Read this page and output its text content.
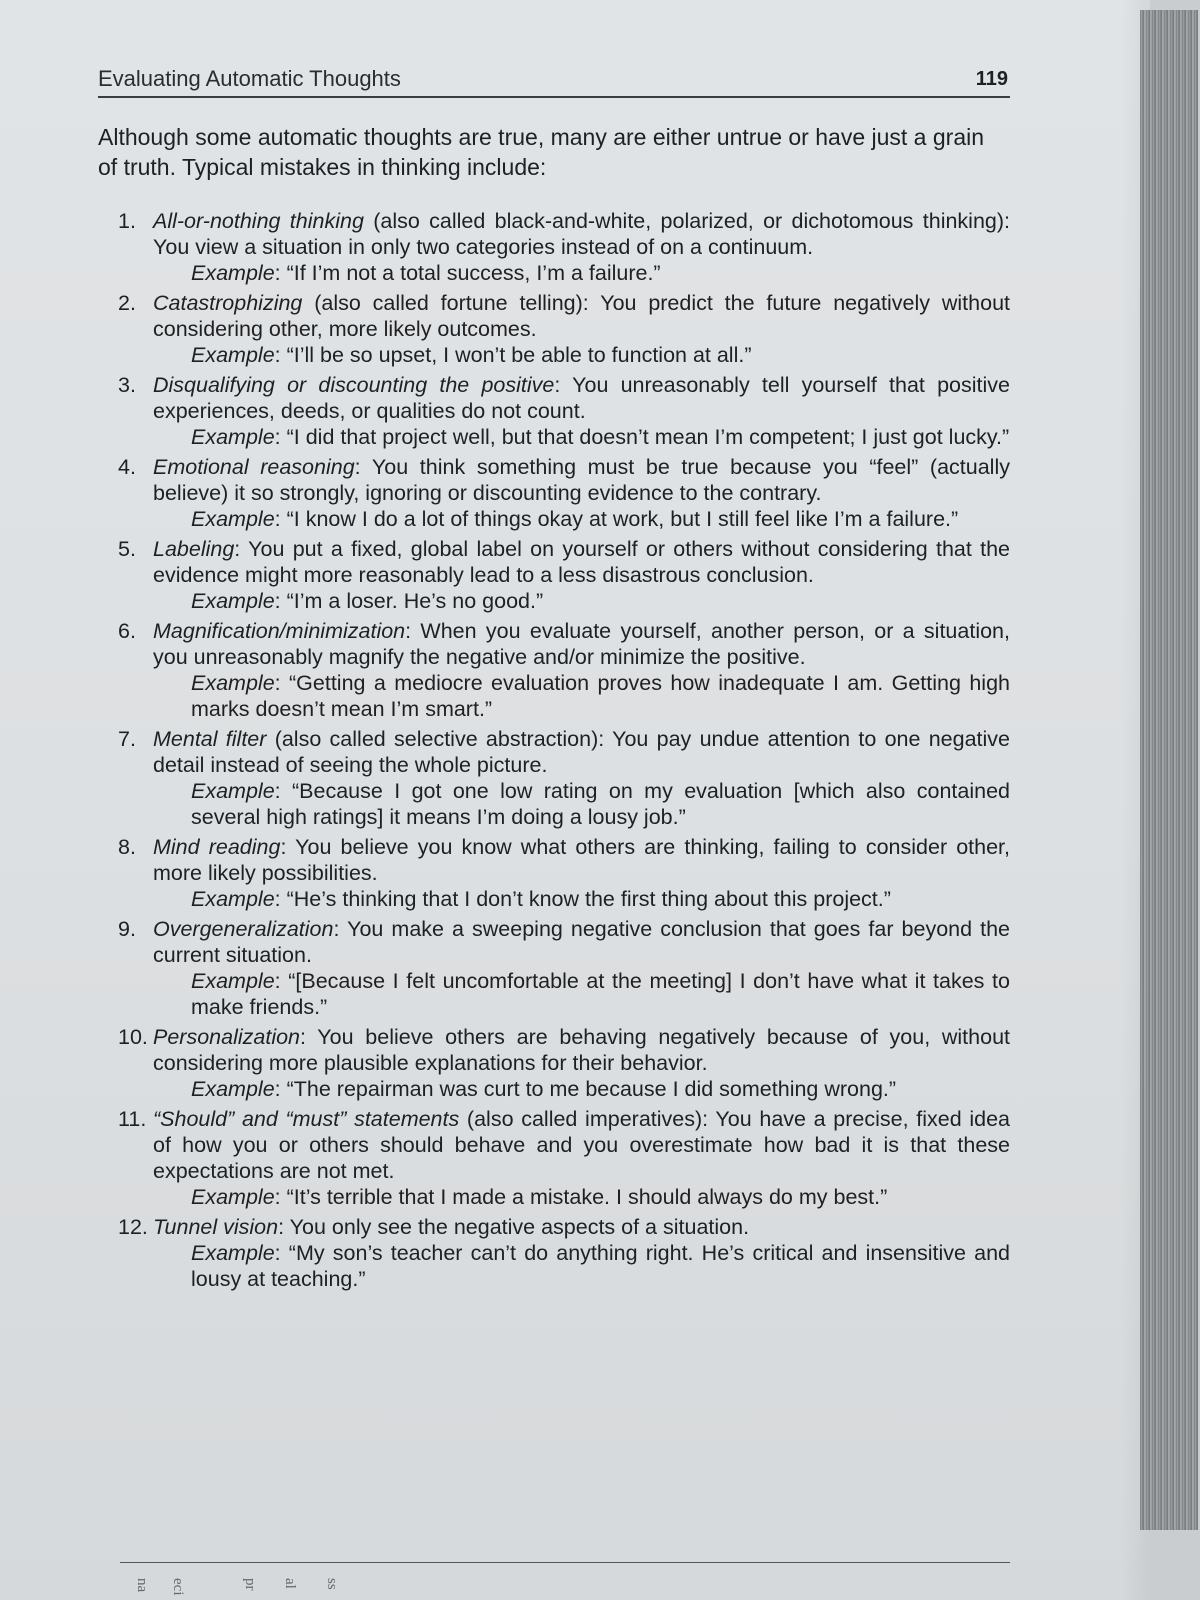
Evaluating Automatic Thoughts	119

Although some automatic thoughts are true, many are either untrue or have just a grain of truth. Typical mistakes in thinking include:

1. All-or-nothing thinking (also called black-and-white, polarized, or dichotomous thinking): You view a situation in only two categories instead of on a continuum.
Example: “If I’m not a total success, I’m a failure.”
2. Catastrophizing (also called fortune telling): You predict the future negatively without considering other, more likely outcomes.
Example: “I’ll be so upset, I won’t be able to function at all.”
3. Disqualifying or discounting the positive: You unreasonably tell yourself that positive experiences, deeds, or qualities do not count.
Example: “I did that project well, but that doesn’t mean I’m competent; I just got lucky.”
4. Emotional reasoning: You think something must be true because you “feel” (actually believe) it so strongly, ignoring or discounting evidence to the contrary.
Example: “I know I do a lot of things okay at work, but I still feel like I’m a failure.”
5. Labeling: You put a fixed, global label on yourself or others without considering that the evidence might more reasonably lead to a less disastrous conclusion.
Example: “I’m a loser. He’s no good.”
6. Magnification/minimization: When you evaluate yourself, another person, or a situation, you unreasonably magnify the negative and/or minimize the positive.
Example: “Getting a mediocre evaluation proves how inadequate I am. Getting high marks doesn’t mean I’m smart.”
7. Mental filter (also called selective abstraction): You pay undue attention to one negative detail instead of seeing the whole picture.
Example: “Because I got one low rating on my evaluation [which also contained several high ratings] it means I’m doing a lousy job.”
8. Mind reading: You believe you know what others are thinking, failing to consider other, more likely possibilities.
Example: “He’s thinking that I don’t know the first thing about this project.”
9. Overgeneralization: You make a sweeping negative conclusion that goes far beyond the current situation.
Example: “[Because I felt uncomfortable at the meeting] I don’t have what it takes to make friends.”
10. Personalization: You believe others are behaving negatively because of you, without considering more plausible explanations for their behavior.
Example: “The repairman was curt to me because I did something wrong.”
11. “Should” and “must” statements (also called imperatives): You have a precise, fixed idea of how you or others should behave and you overestimate how bad it is that these expectations are not met.
Example: “It’s terrible that I made a mistake. I should always do my best.”
12. Tunnel vision: You only see the negative aspects of a situation.
Example: “My son’s teacher can’t do anything right. He’s critical and insensitive and lousy at teaching.”
na eci	pr al ss
